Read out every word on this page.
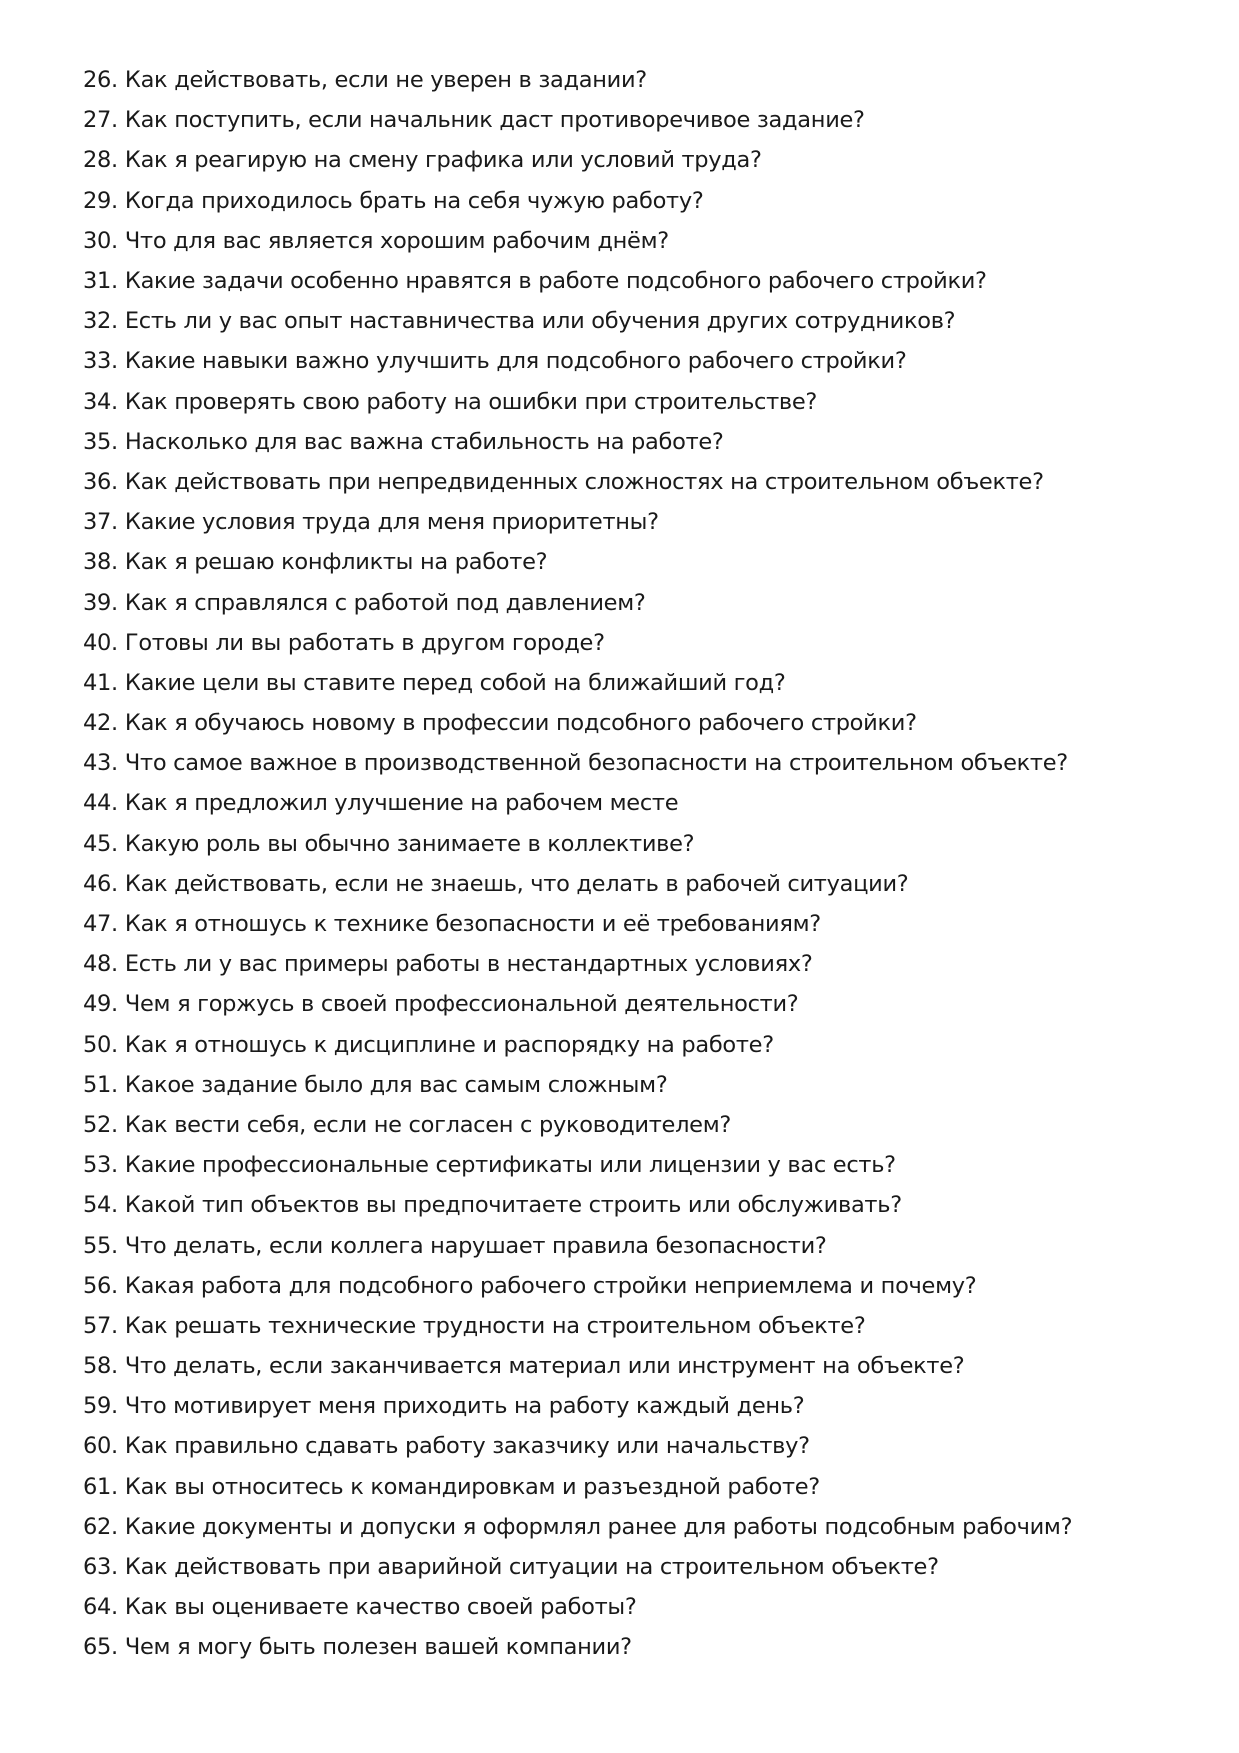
26. Как действовать, если не уверен в задании?
27. Как поступить, если начальник даст противоречивое задание?
28. Как я реагирую на смену графика или условий труда?
29. Когда приходилось брать на себя чужую работу?
30. Что для вас является хорошим рабочим днём?
31. Какие задачи особенно нравятся в работе подсобного рабочего стройки?
32. Есть ли у вас опыт наставничества или обучения других сотрудников?
33. Какие навыки важно улучшить для подсобного рабочего стройки?
34. Как проверять свою работу на ошибки при строительстве?
35. Насколько для вас важна стабильность на работе?
36. Как действовать при непредвиденных сложностях на строительном объекте?
37. Какие условия труда для меня приоритетны?
38. Как я решаю конфликты на работе?
39. Как я справлялся с работой под давлением?
40. Готовы ли вы работать в другом городе?
41. Какие цели вы ставите перед собой на ближайший год?
42. Как я обучаюсь новому в профессии подсобного рабочего стройки?
43. Что самое важное в производственной безопасности на строительном объекте?
44. Как я предложил улучшение на рабочем месте
45. Какую роль вы обычно занимаете в коллективе?
46. Как действовать, если не знаешь, что делать в рабочей ситуации?
47. Как я отношусь к технике безопасности и её требованиям?
48. Есть ли у вас примеры работы в нестандартных условиях?
49. Чем я горжусь в своей профессиональной деятельности?
50. Как я отношусь к дисциплине и распорядку на работе?
51. Какое задание было для вас самым сложным?
52. Как вести себя, если не согласен с руководителем?
53. Какие профессиональные сертификаты или лицензии у вас есть?
54. Какой тип объектов вы предпочитаете строить или обслуживать?
55. Что делать, если коллега нарушает правила безопасности?
56. Какая работа для подсобного рабочего стройки неприемлема и почему?
57. Как решать технические трудности на строительном объекте?
58. Что делать, если заканчивается материал или инструмент на объекте?
59. Что мотивирует меня приходить на работу каждый день?
60. Как правильно сдавать работу заказчику или начальству?
61. Как вы относитесь к командировкам и разъездной работе?
62. Какие документы и допуски я оформлял ранее для работы подсобным рабочим?
63. Как действовать при аварийной ситуации на строительном объекте?
64. Как вы оцениваете качество своей работы?
65. Чем я могу быть полезен вашей компании?
